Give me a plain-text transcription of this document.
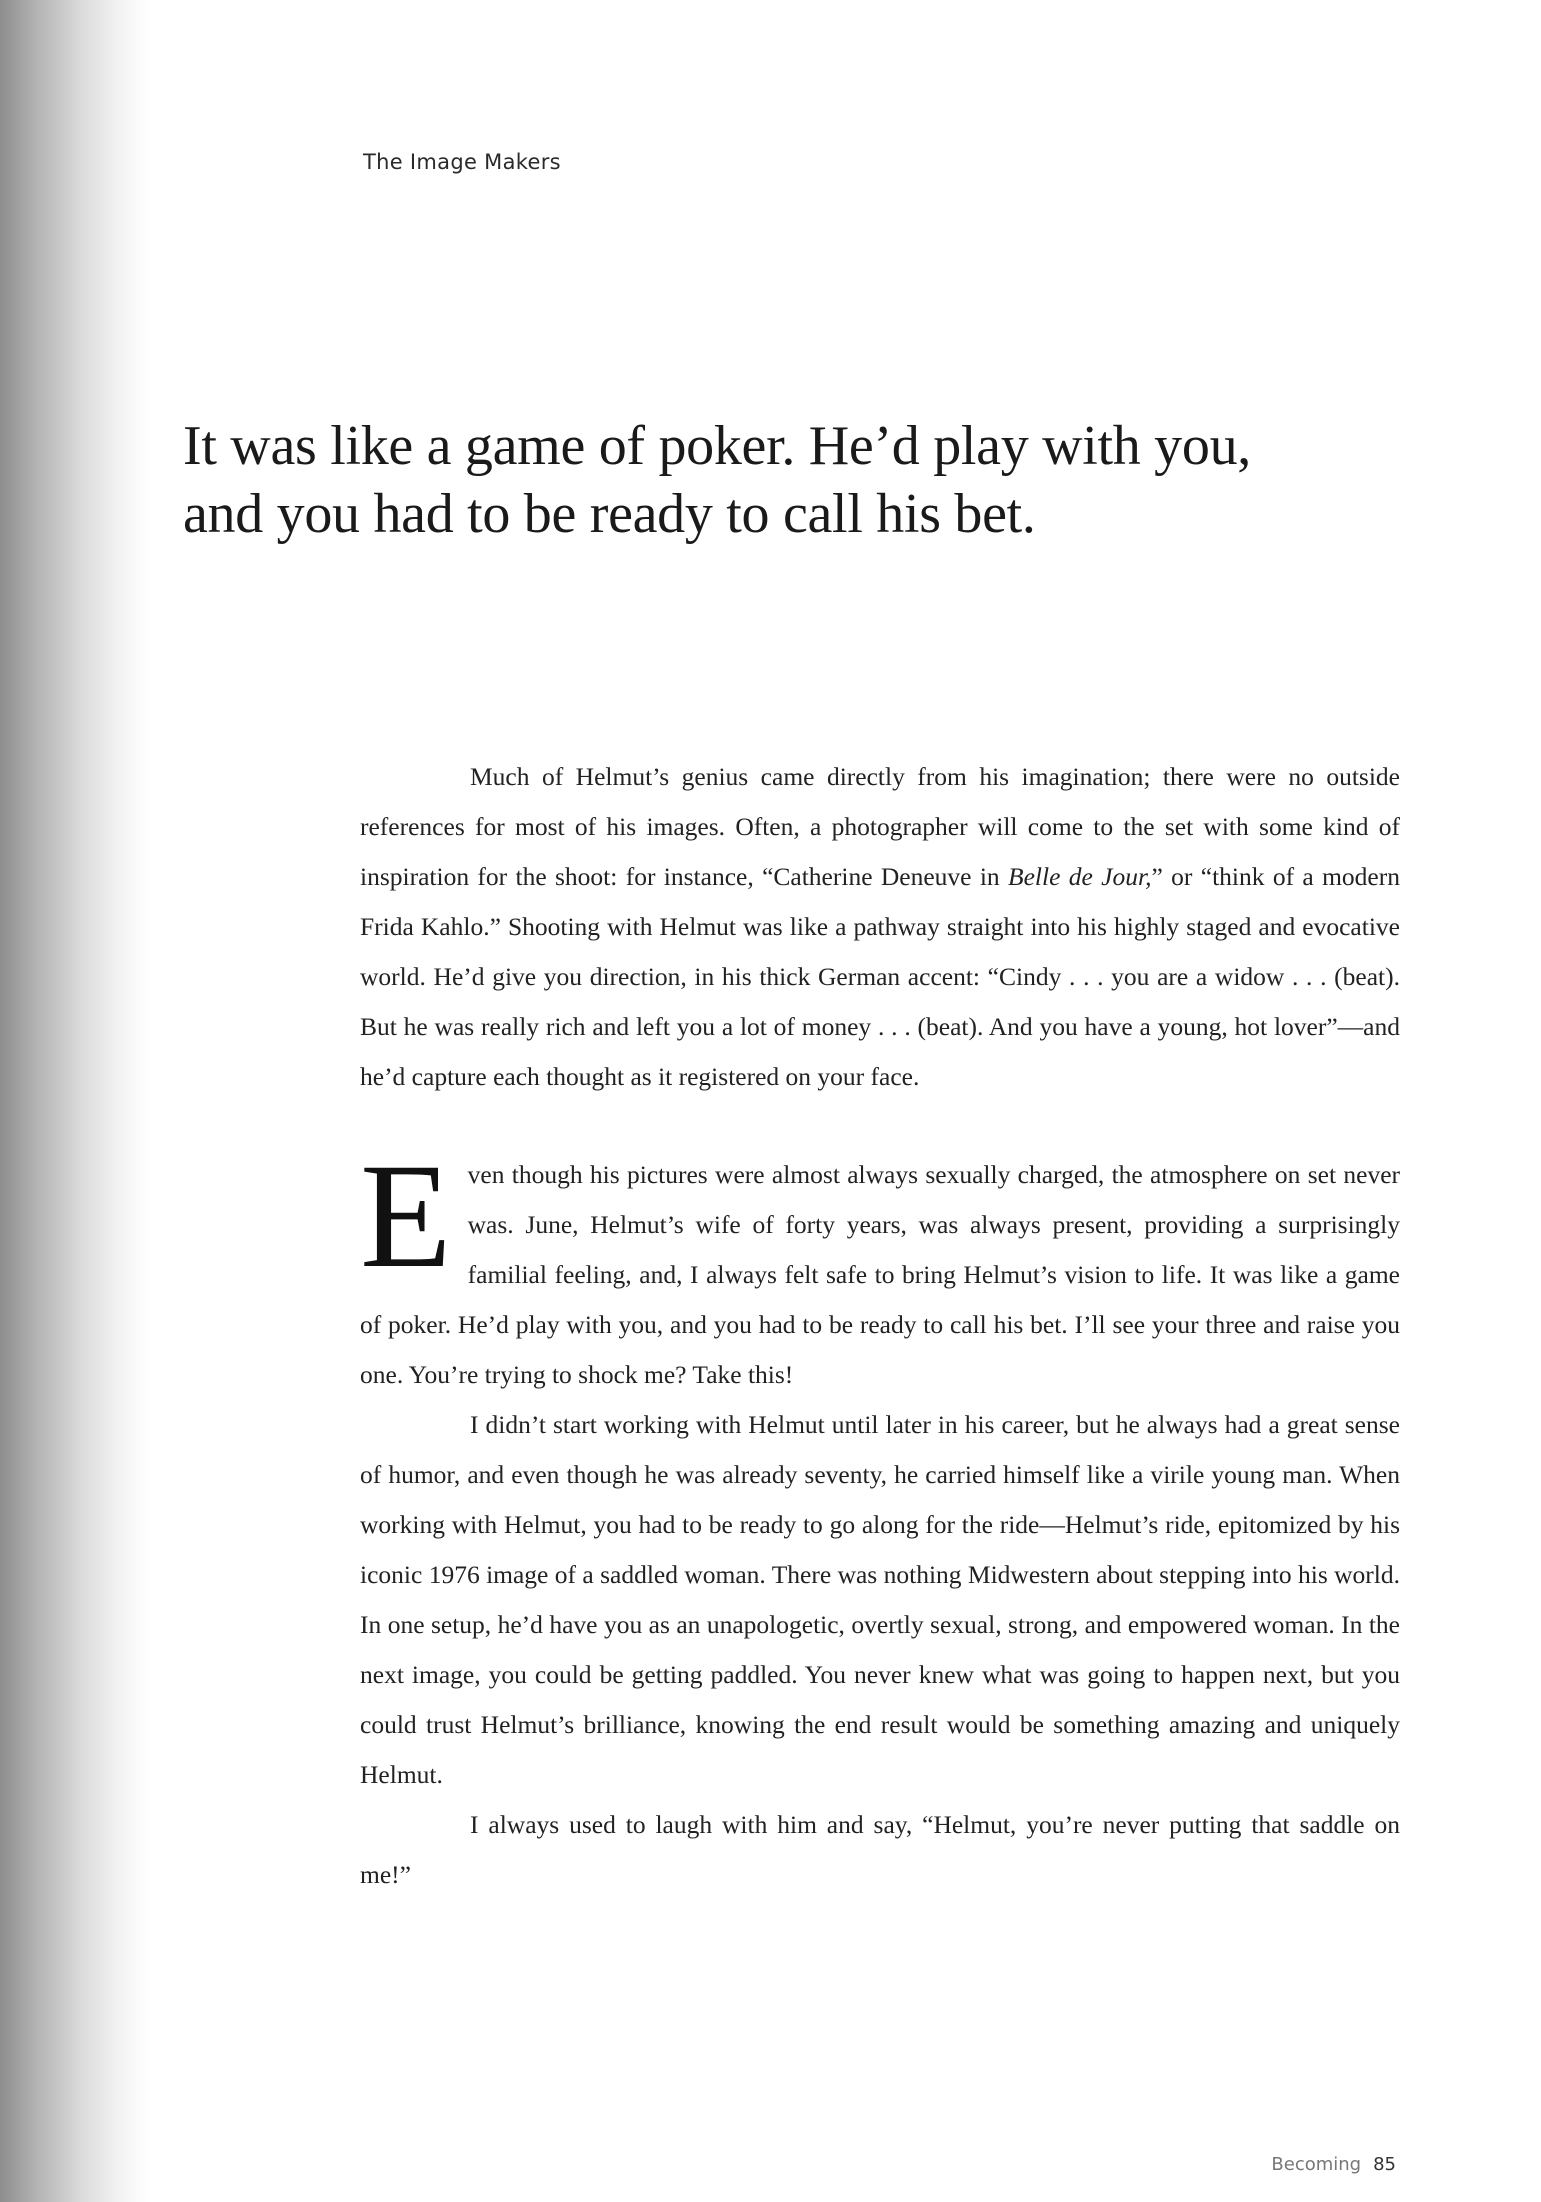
The Image Makers
It was like a game of poker. He’d play with you,
and you had to be ready to call his bet.

Much of Helmut’s genius came directly from his imagination; there were no outside references for most of his images. Often, a photographer will come to the set with some kind of inspiration for the shoot: for instance, “Catherine Deneuve in Belle de Jour,” or “think of a modern Frida Kahlo.” Shooting with Helmut was like a pathway straight into his highly staged and evocative world. He’d give you direction, in his thick German accent: “Cindy . . . you are a widow . . . (beat). But he was really rich and left you a lot of money . . . (beat). And you have a young, hot lover”—and he’d capture each thought as it registered on your face.

Even though his pictures were almost always sexually charged, the atmosphere on set never was. June, Helmut’s wife of forty years, was always present, providing a surprisingly familial feeling, and, I always felt safe to bring Helmut’s vision to life. It was like a game of poker. He’d play with you, and you had to be ready to call his bet. I’ll see your three and raise you one. You’re trying to shock me? Take this!

I didn’t start working with Helmut until later in his career, but he always had a great sense of humor, and even though he was already seventy, he carried himself like a virile young man. When working with Helmut, you had to be ready to go along for the ride—Helmut’s ride, epitomized by his iconic 1976 image of a saddled woman. There was nothing Midwestern about stepping into his world. In one setup, he’d have you as an unapologetic, overtly sexual, strong, and empowered woman. In the next image, you could be getting paddled. You never knew what was going to happen next, but you could trust Helmut’s brilliance, knowing the end result would be something amazing and uniquely Helmut.

I always used to laugh with him and say, “Helmut, you’re never putting that saddle on me!”

Becoming 85
